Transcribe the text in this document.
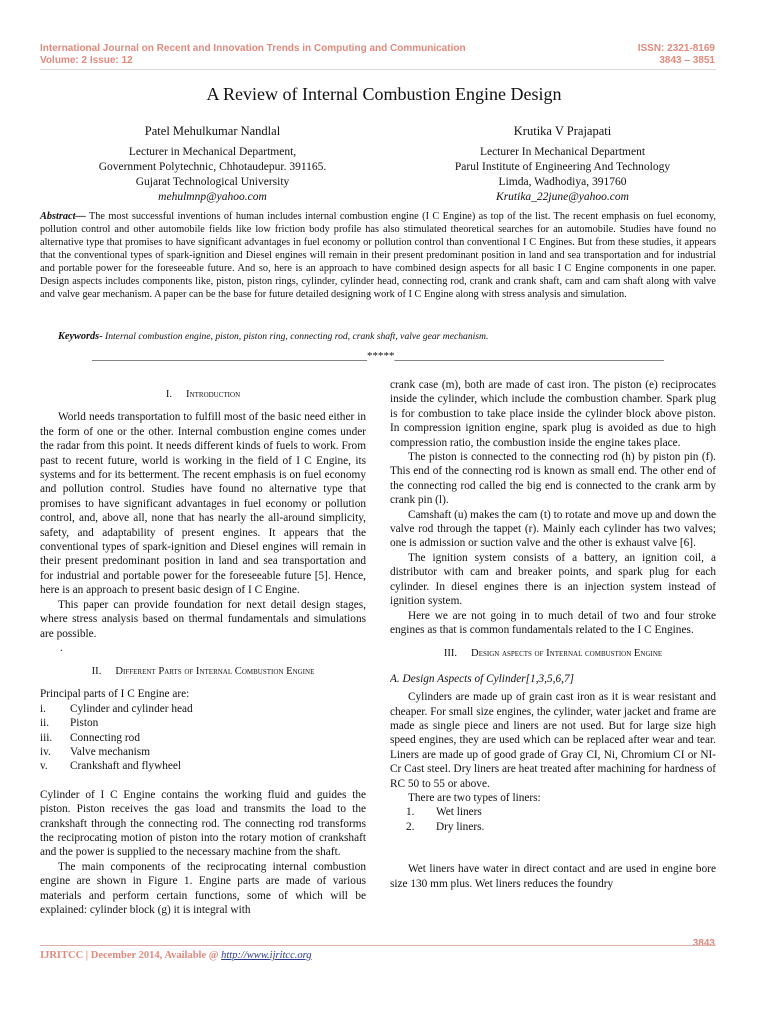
International Journal on Recent and Innovation Trends in Computing and Communication
Volume: 2 Issue: 12
ISSN: 2321-8169
3843 – 3851
A Review of Internal Combustion Engine Design
Patel Mehulkumar Nandlal
Lecturer in Mechanical Department,
Government Polytechnic, Chhotaudepur. 391165.
Gujarat Technological University
mehulmnp@yahoo.com
Krutika V Prajapati
Lecturer In Mechanical Department
Parul Institute of Engineering And Technology
Limda, Wadhodiya, 391760
Krutika_22june@yahoo.com
Abstract— The most successful inventions of human includes internal combustion engine (I C Engine) as top of the list. The recent emphasis on fuel economy, pollution control and other automobile fields like low friction body profile has also stimulated theoretical searches for an automobile. Studies have found no alternative type that promises to have significant advantages in fuel economy or pollution control than conventional I C Engines. But from these studies, it appears that the conventional types of spark-ignition and Diesel engines will remain in their present predominant position in land and sea transportation and for industrial and portable power for the foreseeable future. And so, here is an approach to have combined design aspects for all basic I C Engine components in one paper. Design aspects includes components like, piston, piston rings, cylinder, cylinder head, connecting rod, crank and crank shaft, cam and cam shaft along with valve and valve gear mechanism. A paper can be the base for future detailed designing work of I C Engine along with stress analysis and simulation.
Keywords- Internal combustion engine, piston, piston ring, connecting rod, crank shaft, valve gear mechanism.
__________________________________________________*****_________________________________________________
I. Introduction

World needs transportation to fulfill most of the basic need either in the form of one or the other. Internal combustion engine comes under the radar from this point. It needs different kinds of fuels to work. From past to recent future, world is working in the field of I C Engine, its systems and for its betterment. The recent emphasis is on fuel economy and pollution control. Studies have found no alternative type that promises to have significant advantages in fuel economy or pollution control, and, above all, none that has nearly the all-around simplicity, safety, and adaptability of present engines. It appears that the conventional types of spark-ignition and Diesel engines will remain in their present predominant position in land and sea transportation and for industrial and portable power for the foreseeable future [5]. Hence, here is an approach to present basic design of I C Engine.

This paper can provide foundation for next detail design stages, where stress analysis based on thermal fundamentals and simulations are possible.

.
II. Different Parts of Internal Combustion Engine

Principal parts of I C Engine are:

i.	Cylinder and cylinder head
ii.	Piston
iii.	Connecting rod
iv.	Valve mechanism
v.	Crankshaft and flywheel

Cylinder of I C Engine contains the working fluid and guides the piston. Piston receives the gas load and transmits the load to the crankshaft through the connecting rod. The connecting rod transforms the reciprocating motion of piston into the rotary motion of crankshaft and the power is supplied to the necessary machine from the shaft.

The main components of the reciprocating internal combustion engine are shown in Figure 1. Engine parts are made of various materials and perform certain functions, some of which will be explained: cylinder block (g) it is integral with

crank case (m), both are made of cast iron. The piston (e) reciprocates inside the cylinder, which include the combustion chamber. Spark plug is for combustion to take place inside the cylinder block above piston. In compression ignition engine, spark plug is avoided as due to high compression ratio, the combustion inside the engine takes place.

The piston is connected to the connecting rod (h) by piston pin (f). This end of the connecting rod is known as small end. The other end of the connecting rod called the big end is connected to the crank arm by crank pin (l).

Camshaft (u) makes the cam (t) to rotate and move up and down the valve rod through the tappet (r). Mainly each cylinder has two valves; one is admission or suction valve and the other is exhaust valve [6].

The ignition system consists of a battery, an ignition coil, a distributor with cam and breaker points, and spark plug for each cylinder. In diesel engines there is an injection system instead of ignition system.

Here we are not going in to much detail of two and four stroke engines as that is common fundamentals related to the I C Engines.

III. Design aspects of Internal combustion Engine
A. Design Aspects of Cylinder[1,3,5,6,7]

Cylinders are made up of grain cast iron as it is wear resistant and cheaper. For small size engines, the cylinder, water jacket and frame are made as single piece and liners are not used. But for large size high speed engines, they are used which can be replaced after wear and tear. Liners are made up of good grade of Gray CI, Ni, Chromium CI or NI-Cr Cast steel. Dry liners are heat treated after machining for hardness of RC 50 to 55 or above.

There are two types of liners:

1.	Wet liners
2.	Dry liners.

Wet liners have water in direct contact and are used in engine bore size 130 mm plus. Wet liners reduces the foundry

3843
IJRITCC | December 2014, Available @ http://www.ijritcc.org
